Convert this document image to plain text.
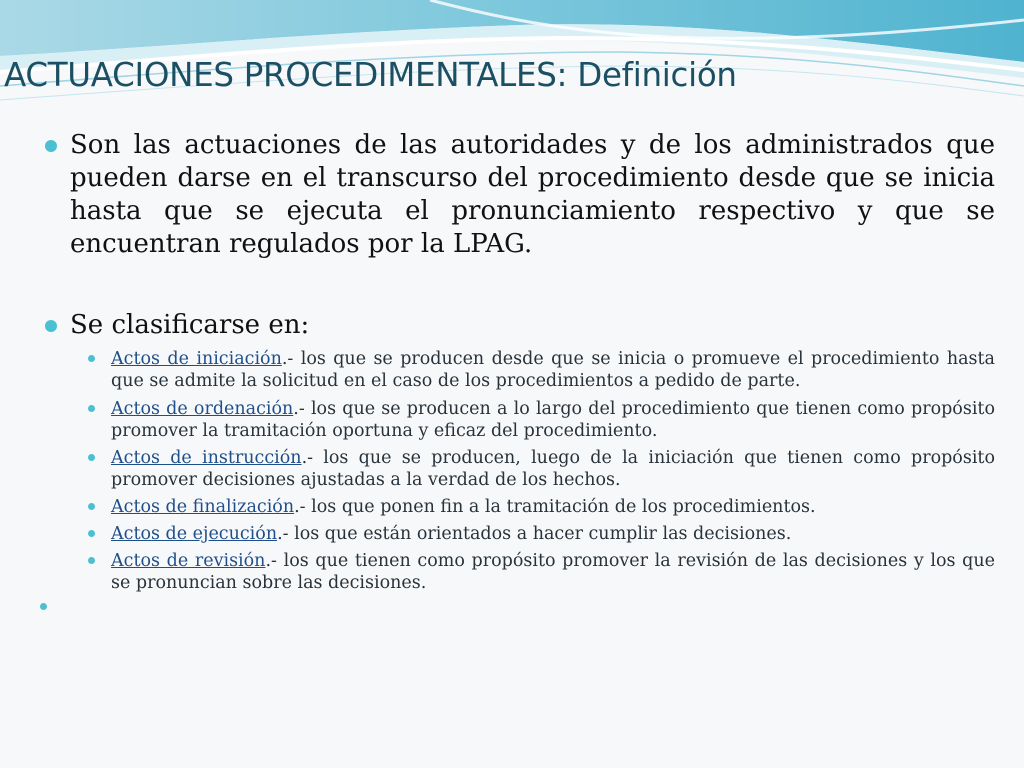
ACTUACIONES PROCEDIMENTALES: Definición
Son las actuaciones de las autoridades y de los administrados que pueden darse en el transcurso del procedimiento desde que se inicia hasta que se ejecuta el pronunciamiento respectivo y que se encuentran regulados por la LPAG.
Se clasificarse en:
Actos de iniciación.- los que se producen desde que se inicia o promueve el procedimiento hasta que se admite la solicitud en el caso de los procedimientos a pedido de parte.
Actos de ordenación.- los que se producen a lo largo del procedimiento que tienen como propósito promover la tramitación oportuna y eficaz del procedimiento.
Actos de instrucción.- los que se producen, luego de la iniciación que tienen como propósito promover decisiones ajustadas a la verdad de los hechos.
Actos de finalización.- los que ponen fin a la tramitación de los procedimientos.
Actos de ejecución.- los que están orientados a hacer cumplir las decisiones.
Actos de revisión.- los que tienen como propósito promover la revisión de las decisiones y los que se pronuncian sobre las decisiones.
